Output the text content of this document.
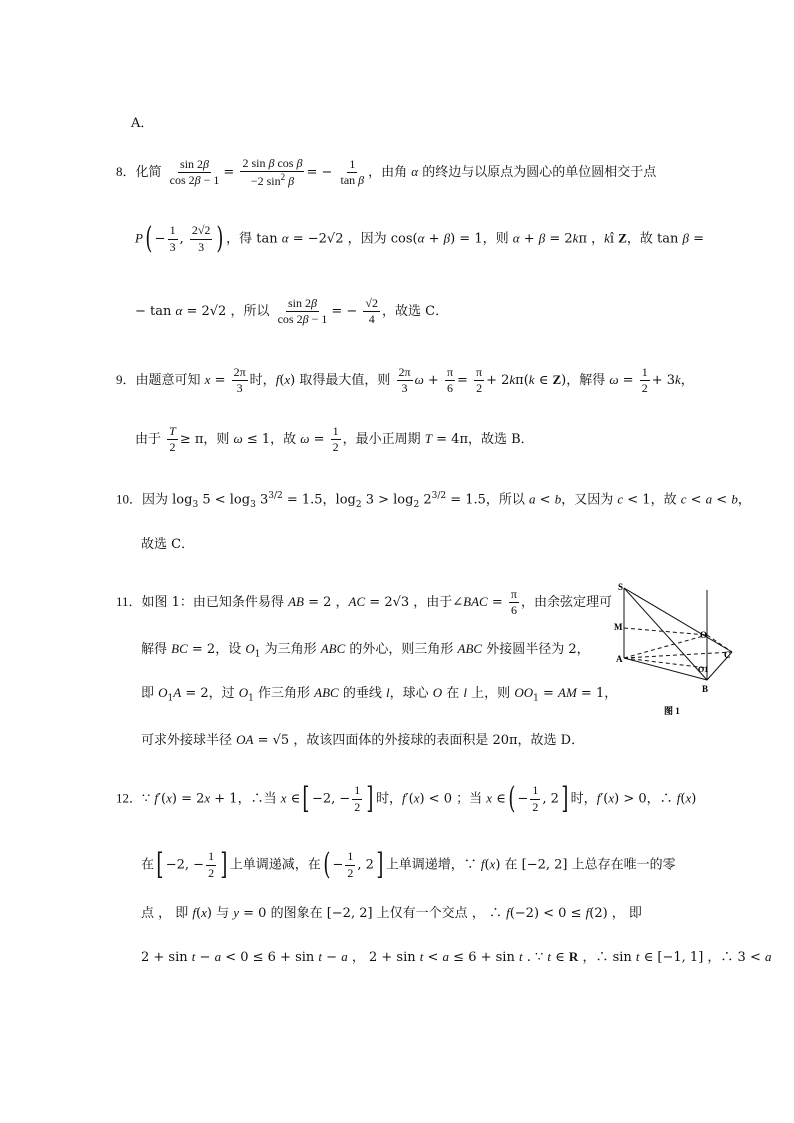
A．
8．化简 $\frac{\sin 2\beta}{\cos 2\beta - 1} = \frac{\text{2 sin β cos β}}{-2 \sin^2 \beta}$ = − $\frac{1}{\text{tan β}}$ ，由角 α 的终边与以原点为圆心的单位圆相交于点
$P( - \frac{1}{3}$ , $\frac{2√2}{3}$ ) ，得 tan α = −2√2 ，因为 cos(α + β) = 1，则 α + β = 2kπ ，kî Z，故 tan β =
− tan α = 2√2 ，所以 $\frac{\sin 2\beta}{\cos 2\beta - 1}$ = − $\frac{√2}{4}$ ，故选 C．
9．由题意可知 $x = \frac{2\pi}{3}$ 时，f(x) 取得最大值，则 $\frac{2\pi}{3}$ $\omega + \frac{\pi}{6} = \frac{\pi}{2} + 2k\pi(k$ ∈ Z)，解得 $\omega = \frac{1}{2} + 3k$，
由于 $\frac{T}{2} \ge \pi$，则 ω ≤ 1，故 $\omega = \frac{1}{2}$ ，最小正周期 T = 4π，故选 B．
10．因为 $\log_3 5 < \log_3 3^{3/2} = 1.5$，$\log_2 3 > \log_2 2^{3/2} = 1.5$，所以 a < b，又因为 c < 1，故 c < a < b，
故选 C．
11．如图 1：由已知条件易得 AB = 2 ，AC = 2√3 ，由于∠BAC = $\frac{\pi}{6}$ ，由余弦定理可
解得 BC = 2，设 $O_1$ 为三角形 ABC 的外心，则三角形 ABC 外接圆半径为 2，
即 $O_1A = 2$，过 $O_1$ 作三角形 ABC 的垂线 l，球心 O 在 l 上，则 $OO_1$ = AM = 1，
可求外接球半径 OA = √5 ，故该四面体的外接球的表面积是 20π，故选 D．
S
M
O
C
A
O1
B
图 1
12．∵ f′(x) = 2x + 1，∴当 x ∈[ −2, − $\frac{1}{2}$ ] 时，f′(x) < 0 ；当 x ∈( − $\frac{1}{2}$ , 2] 时，f′(x) > 0，∴ f(x)
在[ −2, − $\frac{1}{2}$ ] 上单调递减，在( − $\frac{1}{2}$ , 2] 上单调递增，∵ f(x) 在 [−2, 2] 上总存在唯一的零
点 ， 即 f(x) 与 y = 0 的图象在 [−2, 2] 上仅有一个交点 ， ∴ f(−2) < 0 ≤ f(2) ， 即
2 + sin t − a < 0 ≤ 6 + sin t − a ， 2 + sin t < a ≤ 6 + sin t . ∵ t ∈ R ，∴ sin t ∈ [−1, 1] ，∴ 3 < a
